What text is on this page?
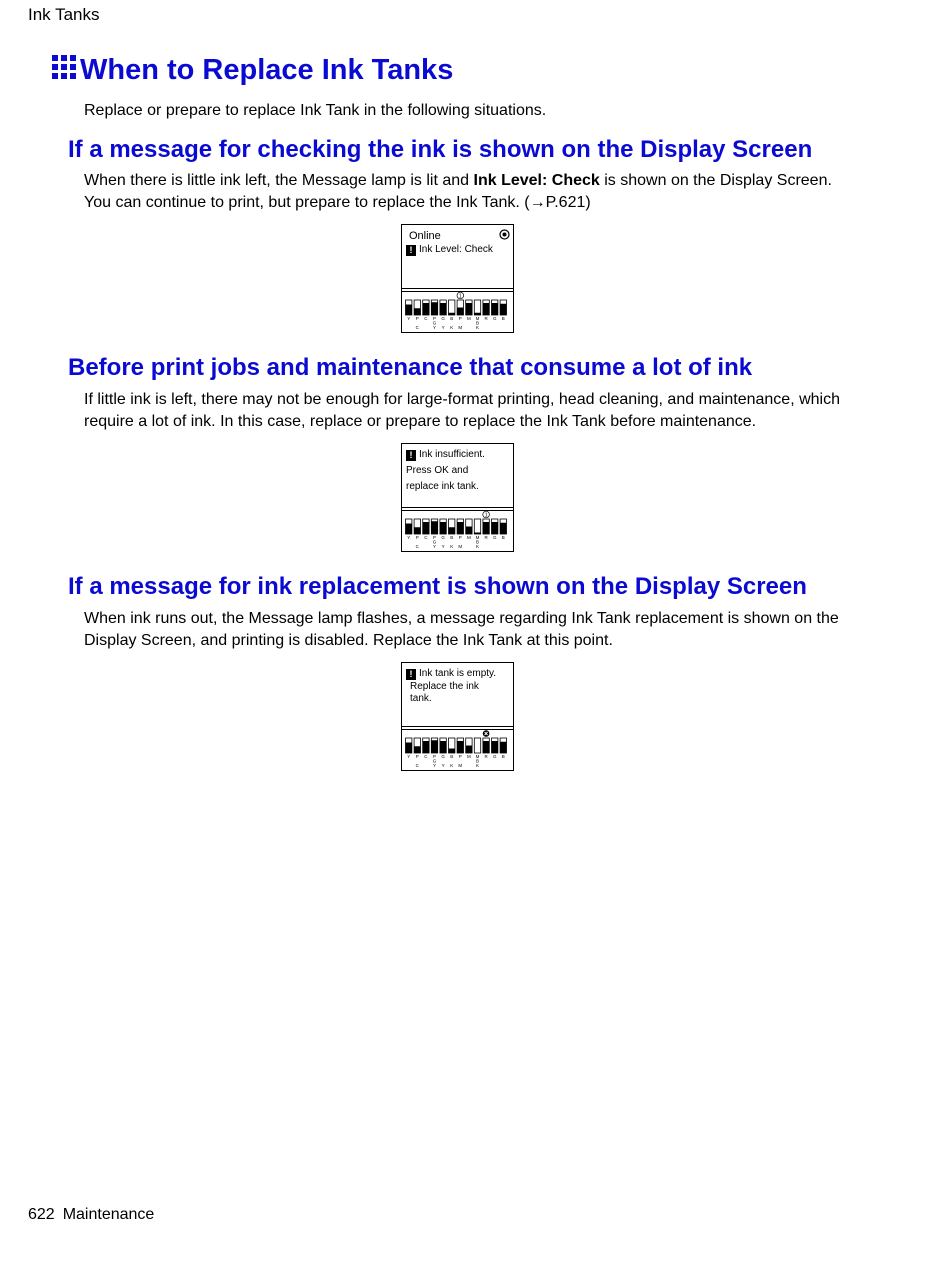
Ink Tanks
When to Replace Ink Tanks

Replace or prepare to replace Ink Tank in the following situations.

If a message for checking the ink is shown on the Display Screen

When there is little ink left, the Message lamp is lit and Ink Level: Check is shown on the Display Screen. You can continue to print, but prepare to replace the Ink Tank. (→P.621)

Online
! Ink Level: Check
Y P
C
C P
G
Y
G
Y
B
K
P
M
1
M M
B
K
R G B
Before print jobs and maintenance that consume a lot of ink

If little ink is left, there may not be enough for large-format printing, head cleaning, and maintenance, which require a lot of ink. In this case, replace or prepare to replace the Ink Tank before maintenance.

! Ink insufficient.
Press OK and
replace ink tank.
Y P
C
C P
G
Y
G
Y
B
K
P
M
M M
B
K
R
1
G B
If a message for ink replacement is shown on the Display Screen

When ink runs out, the Message lamp flashes, a message regarding Ink Tank replacement is shown on the Display Screen, and printing is disabled. Replace the Ink Tank at this point.

! Ink tank is empty.
Replace the ink
tank.
Y P
C
C P
G
Y
G
Y
B
K
P
M
M M
B
K
R G B
622 Maintenance
